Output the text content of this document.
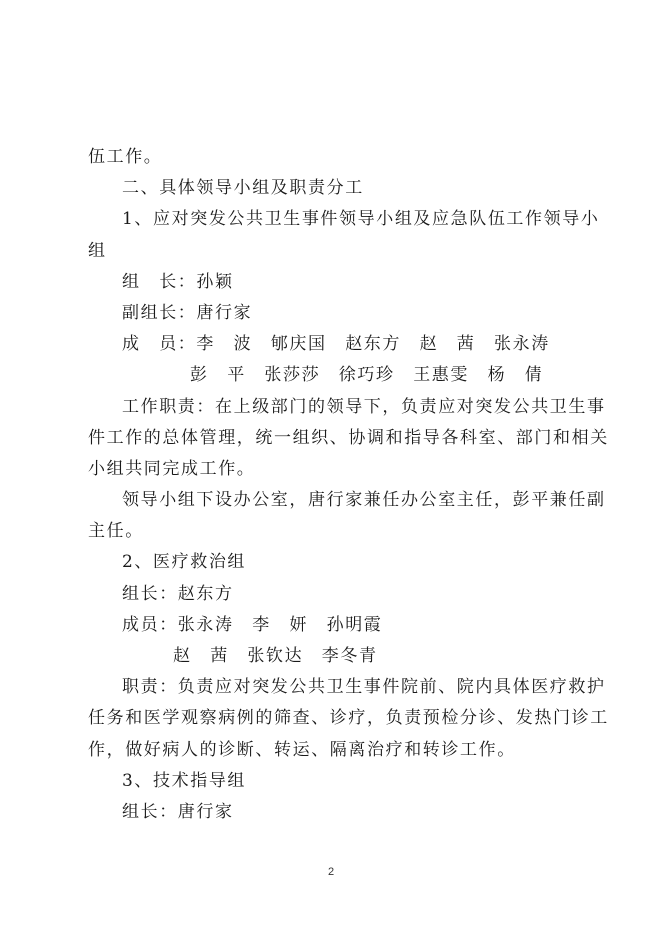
伍工作。
二、具体领导小组及职责分工
1、应对突发公共卫生事件领导小组及应急队伍工作领导小
组
组　长：孙颖
副组长：唐行家
成　员：李　波　郇庆国　赵东方　赵　茜　张永涛
彭　平　张莎莎　徐巧珍　王惠雯　杨　倩
工作职责：在上级部门的领导下，负责应对突发公共卫生事
件工作的总体管理，统一组织、协调和指导各科室、部门和相关
小组共同完成工作。
领导小组下设办公室，唐行家兼任办公室主任，彭平兼任副
主任。
2、医疗救治组
组长：赵东方
成员：张永涛　李　妍　孙明霞
赵　茜　张钦达　李冬青
职责：负责应对突发公共卫生事件院前、院内具体医疗救护
任务和医学观察病例的筛查、诊疗，负责预检分诊、发热门诊工
作，做好病人的诊断、转运、隔离治疗和转诊工作。
3、技术指导组
组长：唐行家
2
